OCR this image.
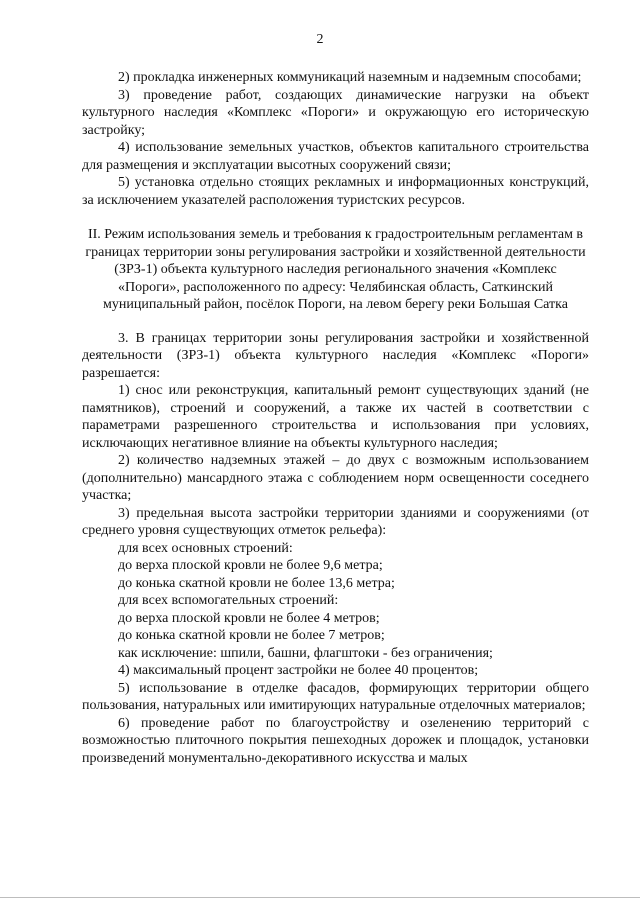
2

2) прокладка инженерных коммуникаций наземным и надземным способами;

3) проведение работ, создающих динамические нагрузки на объект культурного наследия «Комплекс «Пороги» и окружающую его историческую застройку;

4) использование земельных участков, объектов капитального строительства для размещения и эксплуатации высотных сооружений связи;

5) установка отдельно стоящих рекламных и информационных конструкций, за исключением указателей расположения туристских ресурсов.

II. Режим использования земель и требования к градостроительным регламентам в границах территории зоны регулирования застройки и хозяйственной деятельности (ЗРЗ-1) объекта культурного наследия регионального значения «Комплекс «Пороги», расположенного по адресу: Челябинская область, Саткинский муниципальный район, посёлок Пороги, на левом берегу реки Большая Сатка

3. В границах территории зоны регулирования застройки и хозяйственной деятельности (ЗРЗ-1) объекта культурного наследия «Комплекс «Пороги» разрешается:

1) снос или реконструкция, капитальный ремонт существующих зданий (не памятников), строений и сооружений, а также их частей в соответствии с параметрами разрешенного строительства и использования при условиях, исключающих негативное влияние на объекты культурного наследия;

2) количество надземных этажей – до двух с возможным использованием (дополнительно) мансардного этажа с соблюдением норм освещенности соседнего участка;

3) предельная высота застройки территории зданиями и сооружениями (от среднего уровня существующих отметок рельефа):

для всех основных строений:

до верха плоской кровли не более 9,6 метра;

до конька скатной кровли не более 13,6 метра;

для всех вспомогательных строений:

до верха плоской кровли не более 4 метров;

до конька скатной кровли не более 7 метров;

как исключение: шпили, башни, флагштоки - без ограничения;

4) максимальный процент застройки не более 40 процентов;

5) использование в отделке фасадов, формирующих территории общего пользования, натуральных или имитирующих натуральные отделочных материалов;

6) проведение работ по благоустройству и озеленению территорий с возможностью плиточного покрытия пешеходных дорожек и площадок, установки произведений монументально-декоративного искусства и малых
